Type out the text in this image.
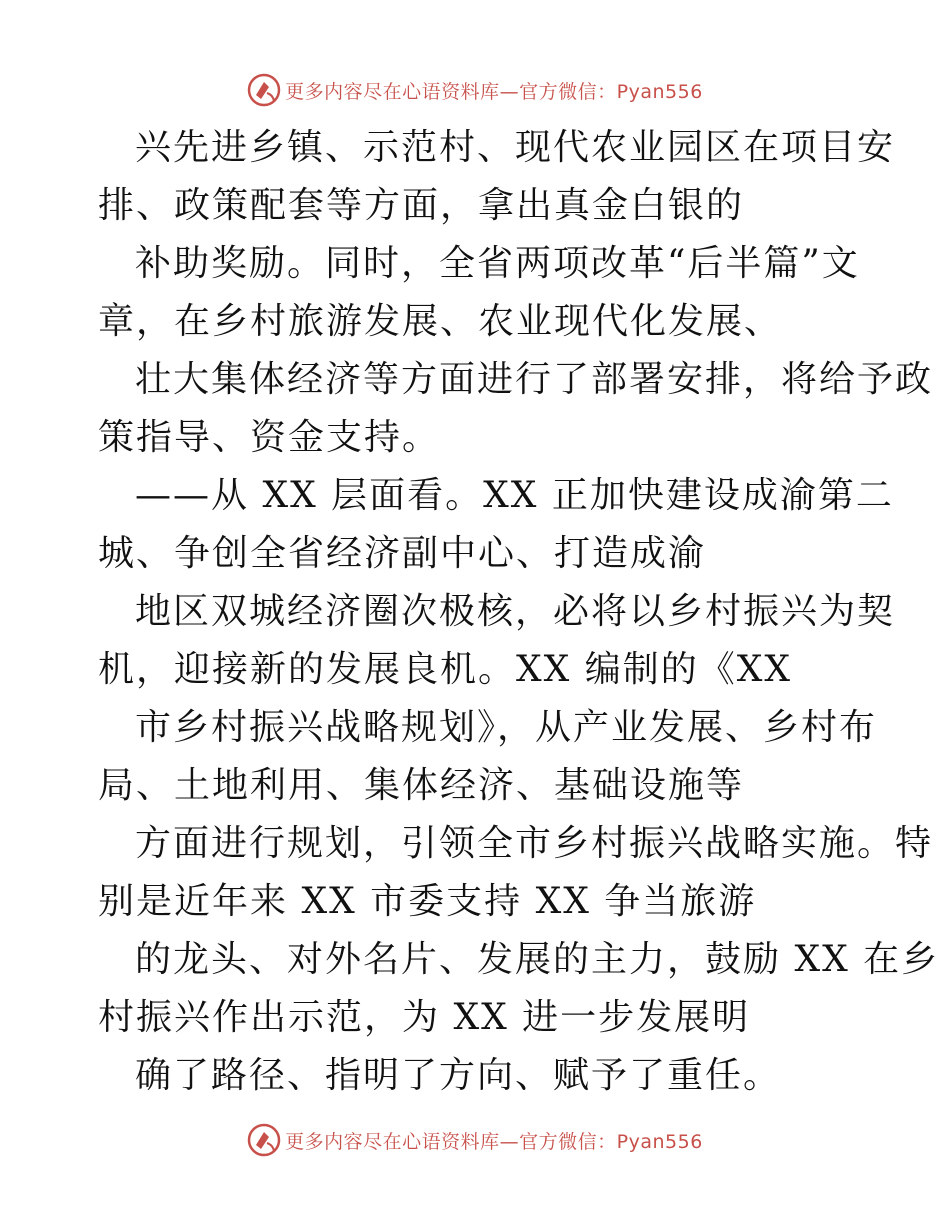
更多内容尽在心语资料库—官方微信：Pyan556
兴先进乡镇、示范村、现代农业园区在项目安
排、政策配套等方面，拿出真金白银的
补助奖励。同时，全省两项改革“后半篇”文
章，在乡村旅游发展、农业现代化发展、
壮大集体经济等方面进行了部署安排，将给予政
策指导、资金支持。
——从 XX 层面看。XX 正加快建设成渝第二
城、争创全省经济副中心、打造成渝
地区双城经济圈次极核，必将以乡村振兴为契
机，迎接新的发展良机。XX 编制的《XX
市乡村振兴战略规划》，从产业发展、乡村布
局、土地利用、集体经济、基础设施等
方面进行规划，引领全市乡村振兴战略实施。特
别是近年来 XX 市委支持 XX 争当旅游
的龙头、对外名片、发展的主力，鼓励 XX 在乡
村振兴作出示范，为 XX 进一步发展明
确了路径、指明了方向、赋予了重任。
更多内容尽在心语资料库—官方微信：Pyan556
